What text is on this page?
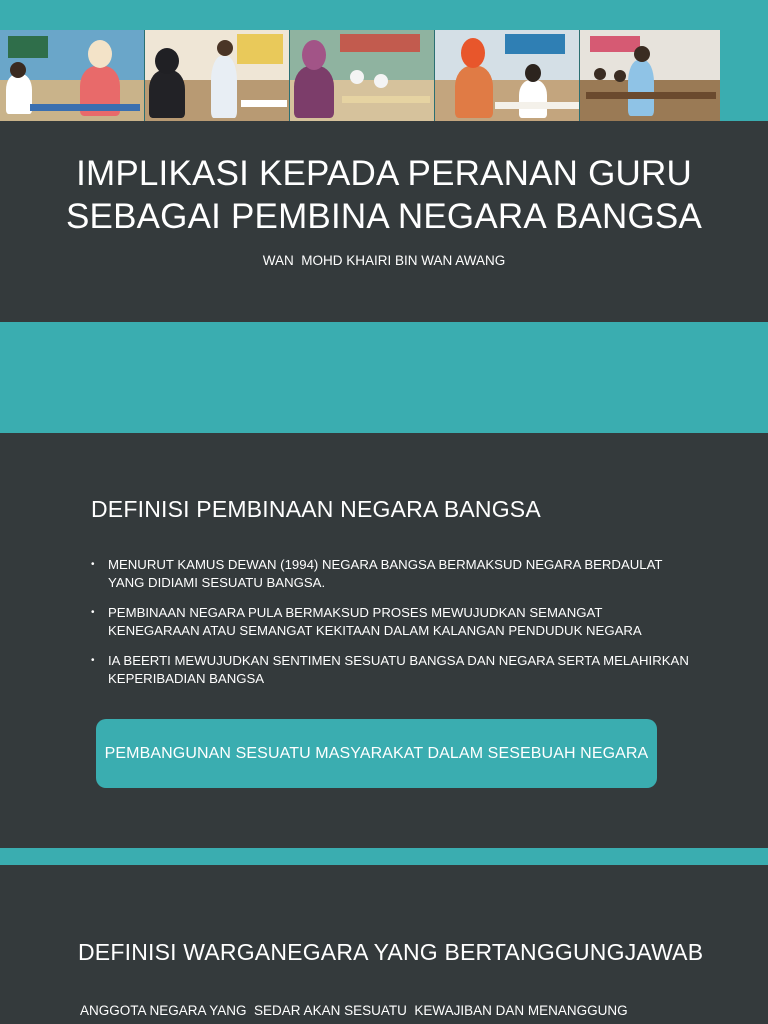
IMPLIKASI KEPADA PERANAN GURU
SEBAGAI PEMBINA NEGARA BANGSA
WAN  MOHD KHAIRI BIN WAN AWANG
DEFINISI PEMBINAAN NEGARA BANGSA
• MENURUT KAMUS DEWAN (1994) NEGARA BANGSA BERMAKSUD NEGARA BERDAULAT YANG DIDIAMI SESUATU BANGSA.
• PEMBINAAN NEGARA PULA BERMAKSUD PROSES MEWUJUDKAN SEMANGAT KENEGARAAN ATAU SEMANGAT KEKITAAN DALAM KALANGAN PENDUDUK NEGARA
• IA BEERTI MEWUJUDKAN SENTIMEN SESUATU BANGSA DAN NEGARA SERTA MELAHIRKAN KEPERIBADIAN BANGSA
PEMBANGUNAN SESUATU MASYARAKAT DALAM SESEBUAH NEGARA
DEFINISI WARGANEGARA YANG BERTANGGUNGJAWAB
ANGGOTA NEGARA YANG  SEDAR AKAN SESUATU  KEWAJIBAN DAN MENANGGUNG
